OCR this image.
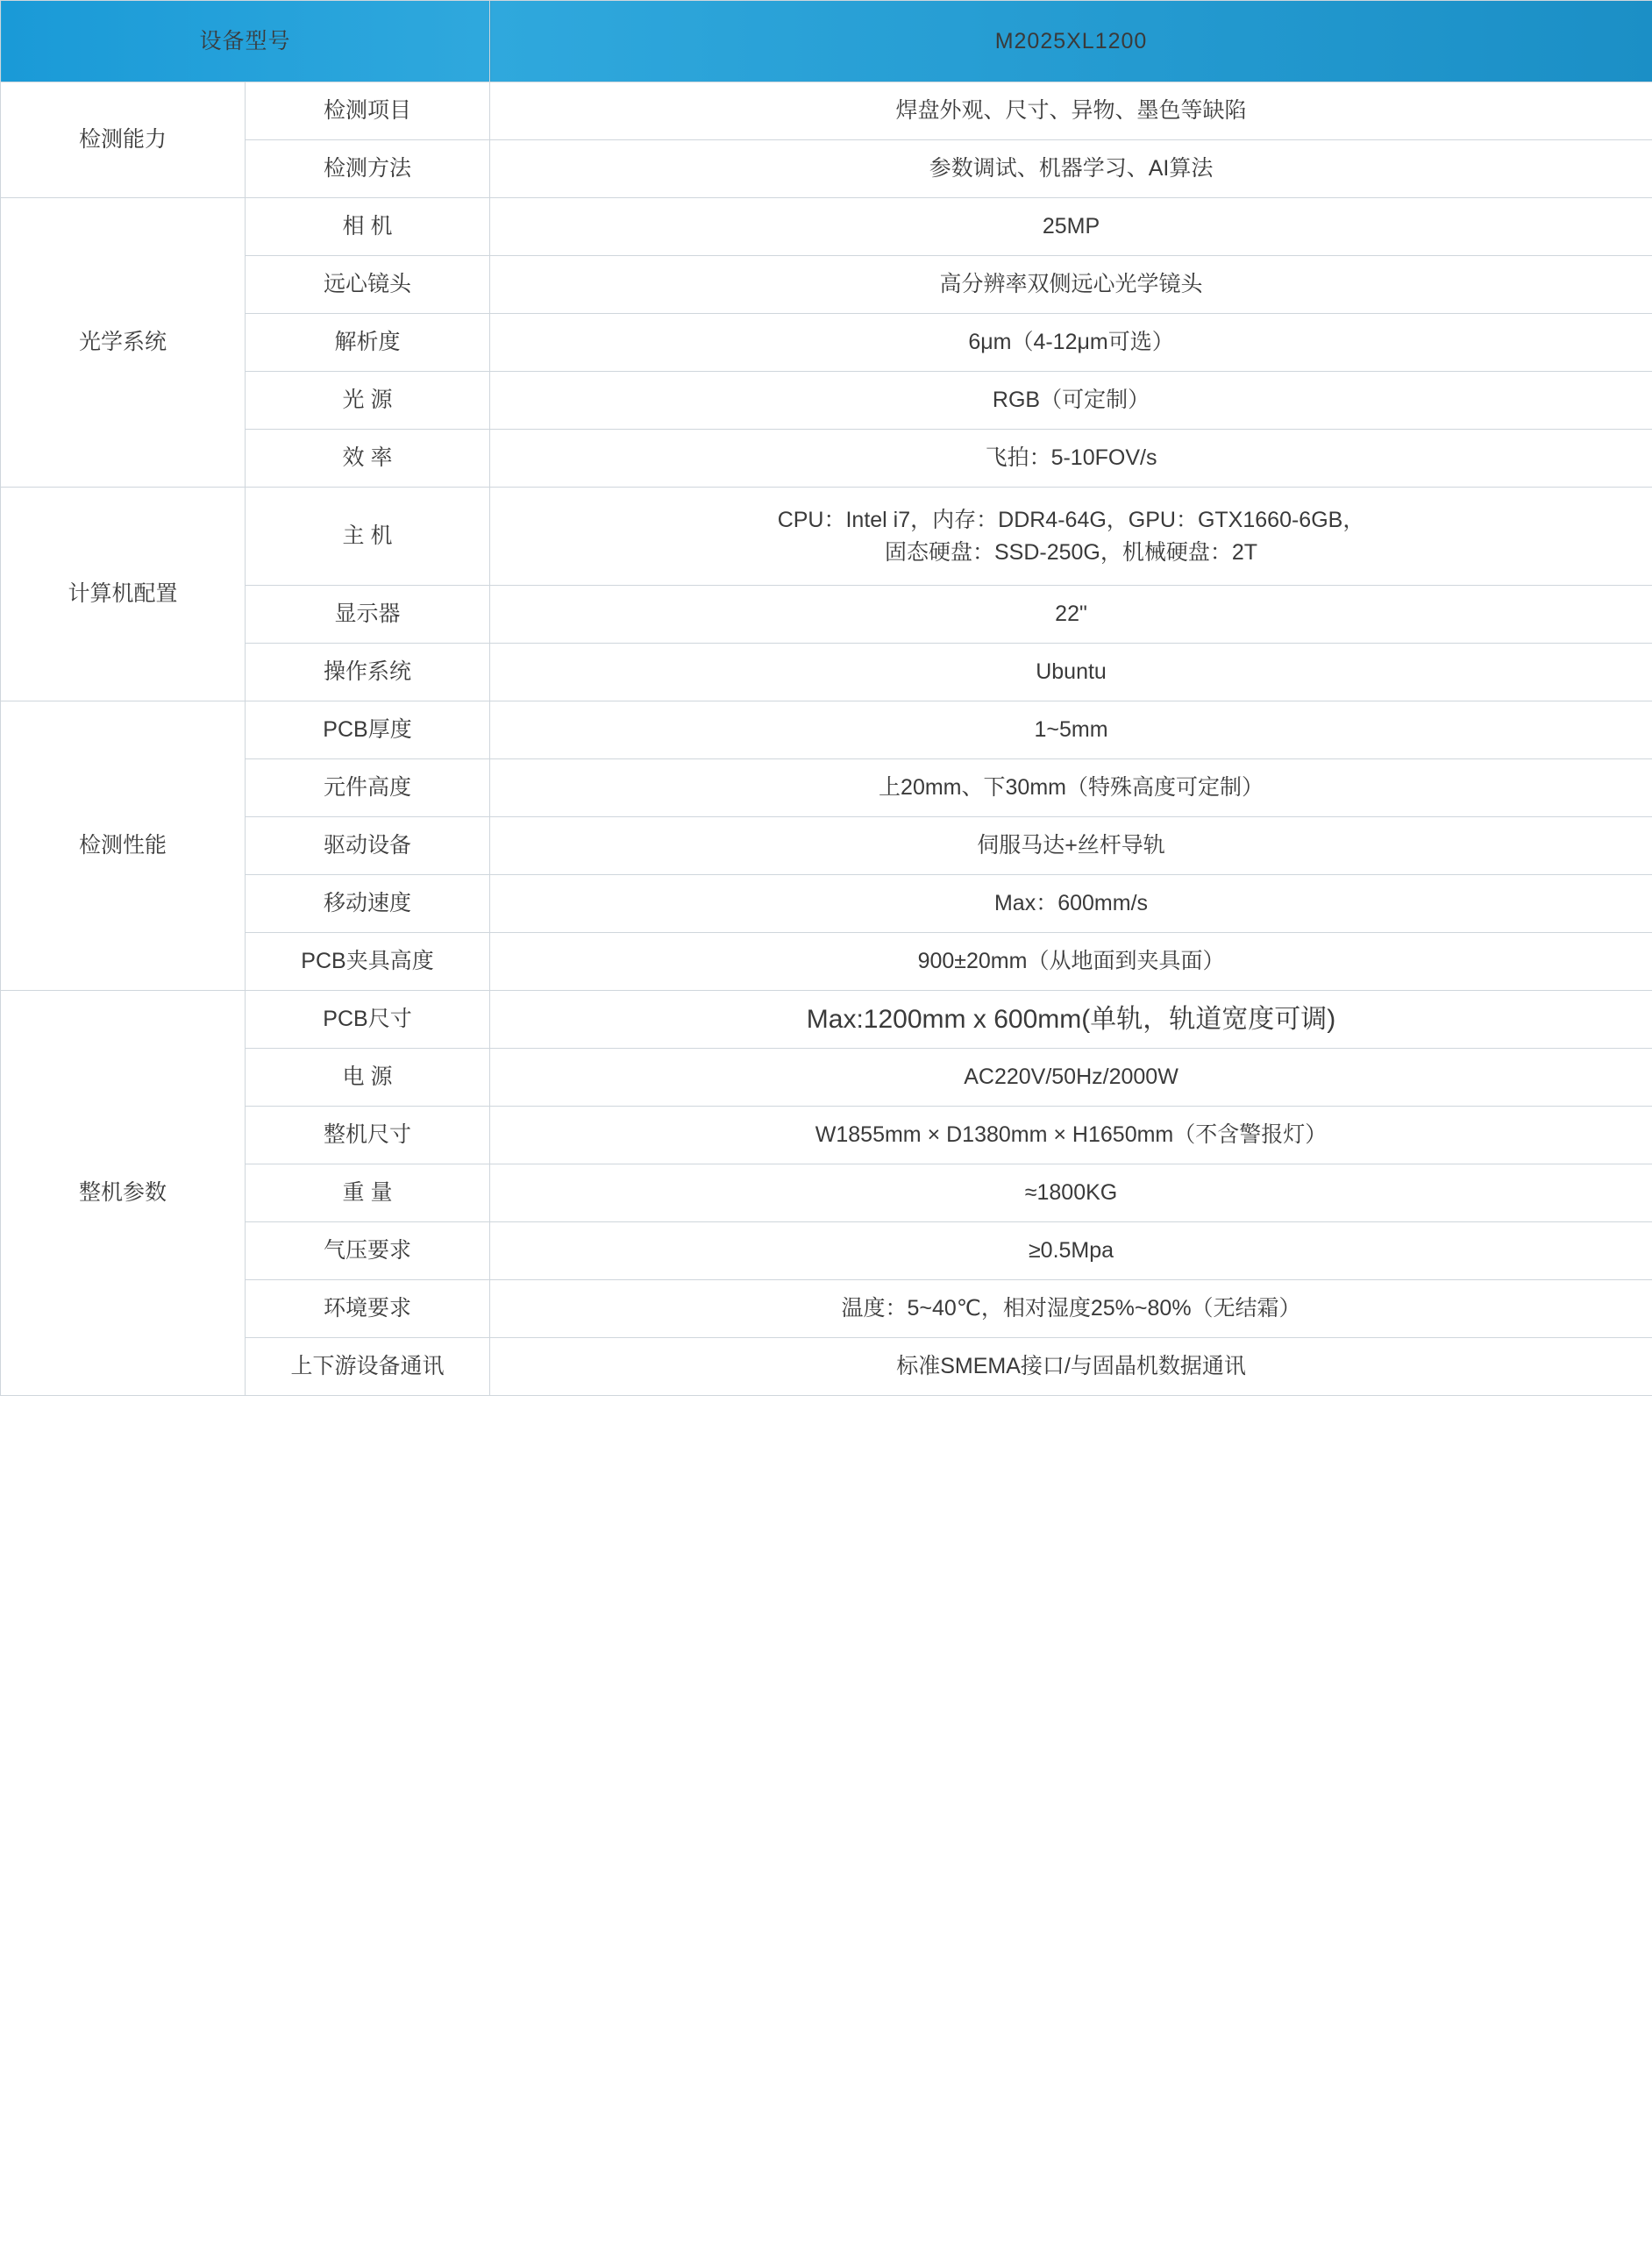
设备型号		M2025XL1200
检测能力	检测项目	焊盘外观、尺寸、异物、墨色等缺陷
	检测方法	参数调试、机器学习、AI算法
光学系统	相 机	25MP
	远心镜头	高分辨率双侧远心光学镜头
	解析度	6μm（4-12μm可选）
	光 源	RGB（可定制）
	效 率	飞拍：5-10FOV/s
计算机配置	主 机	CPU：Intel i7，内存：DDR4-64G，GPU：GTX1660-6GB，
固态硬盘：SSD-250G，机械硬盘：2T

	显示器	22"
	操作系统	Ubuntu
检测性能	PCB厚度	1~5mm
	元件高度	上20mm、下30mm（特殊高度可定制）
	驱动设备	伺服马达+丝杆导轨
	移动速度	Max：600mm/s
	PCB夹具高度	900±20mm（从地面到夹具面）
整机参数	PCB尺寸	Max:1200mm x 600mm(单轨，轨道宽度可调)
	电 源	AC220V/50Hz/2000W
	整机尺寸	W1855mm × D1380mm × H1650mm（不含警报灯）
	重 量	≈1800KG
	气压要求	≥0.5Mpa
	环境要求	温度：5~40℃，相对湿度25%~80%（无结霜）
	上下游设备通讯	标准SMEMA接口/与固晶机数据通讯
